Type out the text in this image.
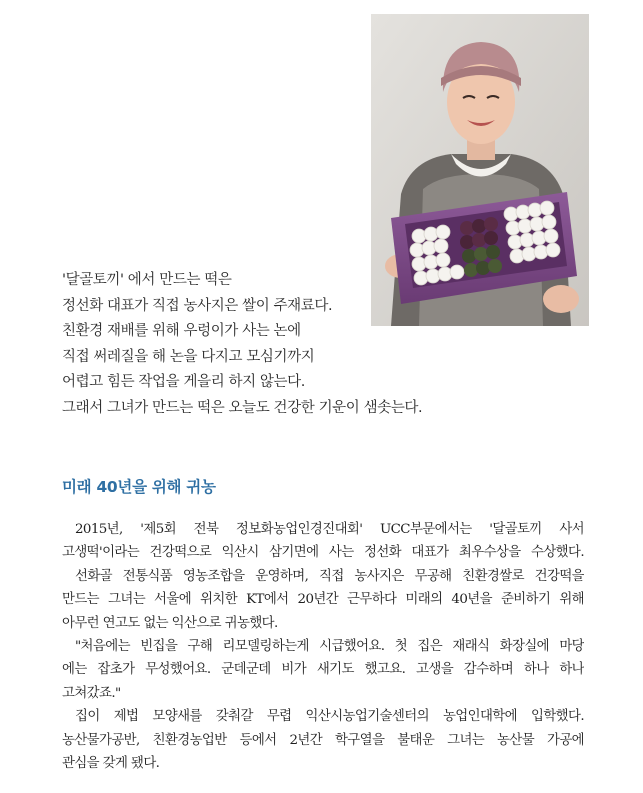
'달골토끼' 에서 만드는 떡은
정선화 대표가 직접 농사지은 쌀이 주재료다.
친환경 재배를 위해 우렁이가 사는 논에
직접 써레질을 해 논을 다지고 모심기까지
어렵고 힘든 작업을 게을리 하지 않는다.
그래서 그녀가 만드는 떡은 오늘도 건강한 기운이 샘솟는다.
미래 40년을 위해 귀농
2015년, '제5회 전북 정보화농업인경진대회' UCC부문에서는 '달골토끼 사서
고생떡'이라는 건강떡으로 익산시 삼기면에 사는 정선화 대표가 최우수상을 수상했다.
선화골 전통식품 영농조합을 운영하며, 직접 농사지은 무공해 친환경쌀로 건강떡을
만드는 그녀는 서울에 위치한 KT에서 20년간 근무하다 미래의 40년을 준비하기 위해
아무런 연고도 없는 익산으로 귀농했다.
"처음에는 빈집을 구해 리모델링하는게 시급했어요. 첫 집은 재래식 화장실에 마당
에는 잡초가 무성했어요. 군데군데 비가 새기도 했고요. 고생을 감수하며 하나 하나
고쳐갔죠."
집이 제법 모양새를 갖춰갈 무렵 익산시농업기술센터의 농업인대학에 입학했다.
농산물가공반, 친환경농업반 등에서 2년간 학구열을 불태운 그녀는 농산물 가공에
관심을 갖게 됐다.
